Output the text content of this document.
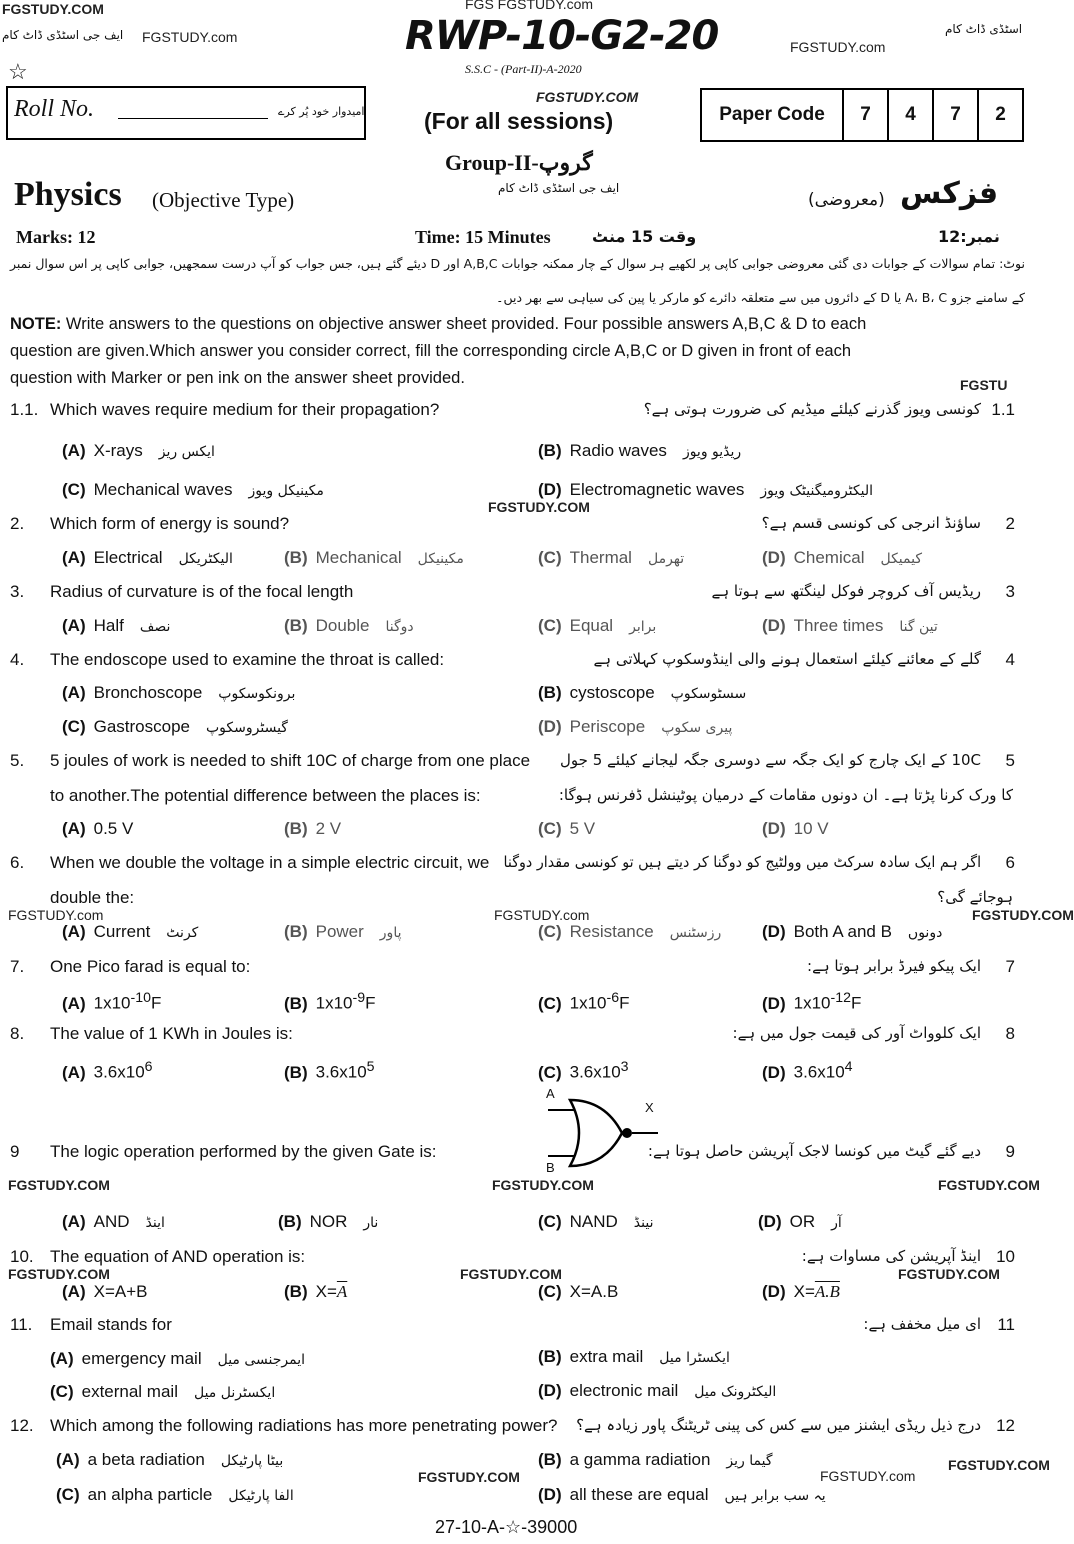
FGSTUDY.COM
ایف جی اسٹڈی ڈاٹ کام FGSTUDY.com
FGS FGSTUDY.com
اسٹڈی ڈاٹ کام
FGSTUDY.com
RWP-10-G2-20
S.S.C - (Part-II)-A-2020
☆
Roll No.	امیدوار خود پُر کرے
FGSTUDY.COM
(For all sessions)	Paper Code	7	4	7	2
Group-II-گروپ
ایف جی اسٹڈی ڈاٹ کام
Physics (Objective Type)	فزکس
(معروضی)
Marks: 12	Time: 15 Minutes	وقت 15 منٹ	نمبر:12
نوٹ: تمام سوالات کے جوابات دی گئی معروضی جوابی کاپی پر لکھیے ہر سوال کے چار ممکنہ جوابات A,B,C اور D دیئے گئے ہیں، جس جواب کو آپ درست سمجھیں، جوابی کاپی پر اس سوال نمبر
کے سامنے جزو A، B، C یا D کے دائروں میں سے متعلقہ دائرے کو مارکر یا پین کی سیاہی سے بھر دیں۔
NOTE: Write answers to the questions on objective answer sheet provided. Four possible answers A,B,C & D to each
question are given.Which answer you consider correct, fill the corresponding circle A,B,C or D given in front of each
question with Marker or pen ink on the answer sheet provided.
1.1.	1.1
Which waves require medium for their propagation?	کونسی ویوز گذرنے کیلئے میڈیم کی ضرورت ہوتی ہے؟
(A) X-rays ایکس ریز	(B) Radio waves ریڈیو ویوز
(C) Mechanical waves مکینیکل ویوز	(D) Electromagnetic waves الیکٹرومیگنیٹک ویوز
2.	2
Which form of energy is sound?	ساؤنڈ انرجی کی کونسی قسم ہے؟
(A) Electrical الیکٹریکل	(B) Mechanical مکینیکل	(C) Thermal تھرمل	(D) Chemical کیمیکل
3.	3
Radius of curvature is of the focal length	ریڈیس آف کروچر فوکل لینگتھ سے ہوتا ہے
(A) Half نصف	(B) Double دوگنا	(C) Equal برابر	(D) Three times تین گنا
4.	4
The endoscope used to examine the throat is called:	گلے کے معائنے کیلئے استعمال ہونے والی اینڈوسکوپ کہلاتی ہے
(A) Bronchoscope برونکوسکوپ	(B) cystoscope سسٹوسکوپ
(C) Gastroscope گیسٹروسکوپ	(D) Periscope پیری سکوپ
5.	5
5 joules of work is needed to shift 10C of charge from one place
to another.The potential difference between the places is:
10C کے ایک چارج کو ایک جگہ سے دوسری جگہ لیجانے کیلئے 5 جول
کا ورک کرنا پڑتا ہے۔ ان دونوں مقامات کے درمیان پوٹینشل ڈفرنس ہوگا:
(A) 0.5 V	(B) 2 V	(C) 5 V	(D) 10 V
6.	6
When we double the voltage in a simple electric circuit, we
double the:
اگر ہم ایک سادہ سرکٹ میں وولٹیج کو دوگنا کر دیتے ہیں تو کونسی مقدار دوگنا
ہوجائے گی؟
(A) Current کرنٹ	(B) Power پاور	(C) Resistance رزسٹنس (D) Both A and B دونوں
7.	7
One Pico farad is equal to:	ایک پیکو فیرڈ برابر ہوتا ہے:
(A) $1x10^{-10}F$	(B) $1x10^{-9}F$	(C) $1x10^{-6}F$	(D) $1x10^{-12}F$
8.	8
The value of 1 KWh in Joules is:	ایک کلوواٹ آور کی قیمت جول میں ہے:
(A) $3.6x10^6$	(B) $3.6x10^5$	(C) $3.6x10^3$	(D) $3.6x10^4$
9	9
The logic operation performed by the given Gate is:	دیے گئے گیٹ میں کونسا لاجک آپریشن حاصل ہوتا ہے:
(A) AND اینڈ	(B) NOR نار	(C) NAND نینڈ	(D) OR آر
10.	10
The equation of AND operation is:	اینڈ آپریشن کی مساوات ہے:
(A) X=A+B	(B) $X=\overline{A}$	(C) X=A.B	(D) X=A.B
11.	11
Email stands for	ای میل مخفف ہے:
(A) emergency mail ایمرجنسی میل	(B) extra mail ایکسٹرا میل
(C) external mail ایکسٹرنل میل	(D) electronic mail الیکٹرونک میل
12.	12
Which among the following radiations has more penetrating power? درج ذیل ریڈی ایشنز میں سے کس کی پینی ٹریٹنگ پاور زیادہ ہے؟
(A) a beta radiation بیٹا پارٹیکل	(B) a gamma radiation گیما ریز
(C) an alpha particle الفا پارٹیکل	(D) all these are equal یہ سب برابر ہیں
A
B
X
FGSTUDY.COM
FGSTUDY.com	FGSTUDY.com	FGSTUDY.COM
FGSTUDY.COM	FGSTUDY.COM	FGSTUDY.COM
FGSTUDY.COM	FGSTUDY.COM	FGSTUDY.COM
FGSTUDY.com
FGSTUDY.COM
FGSTUDY.COM
FGSTU
27-10-A-☆-39000
